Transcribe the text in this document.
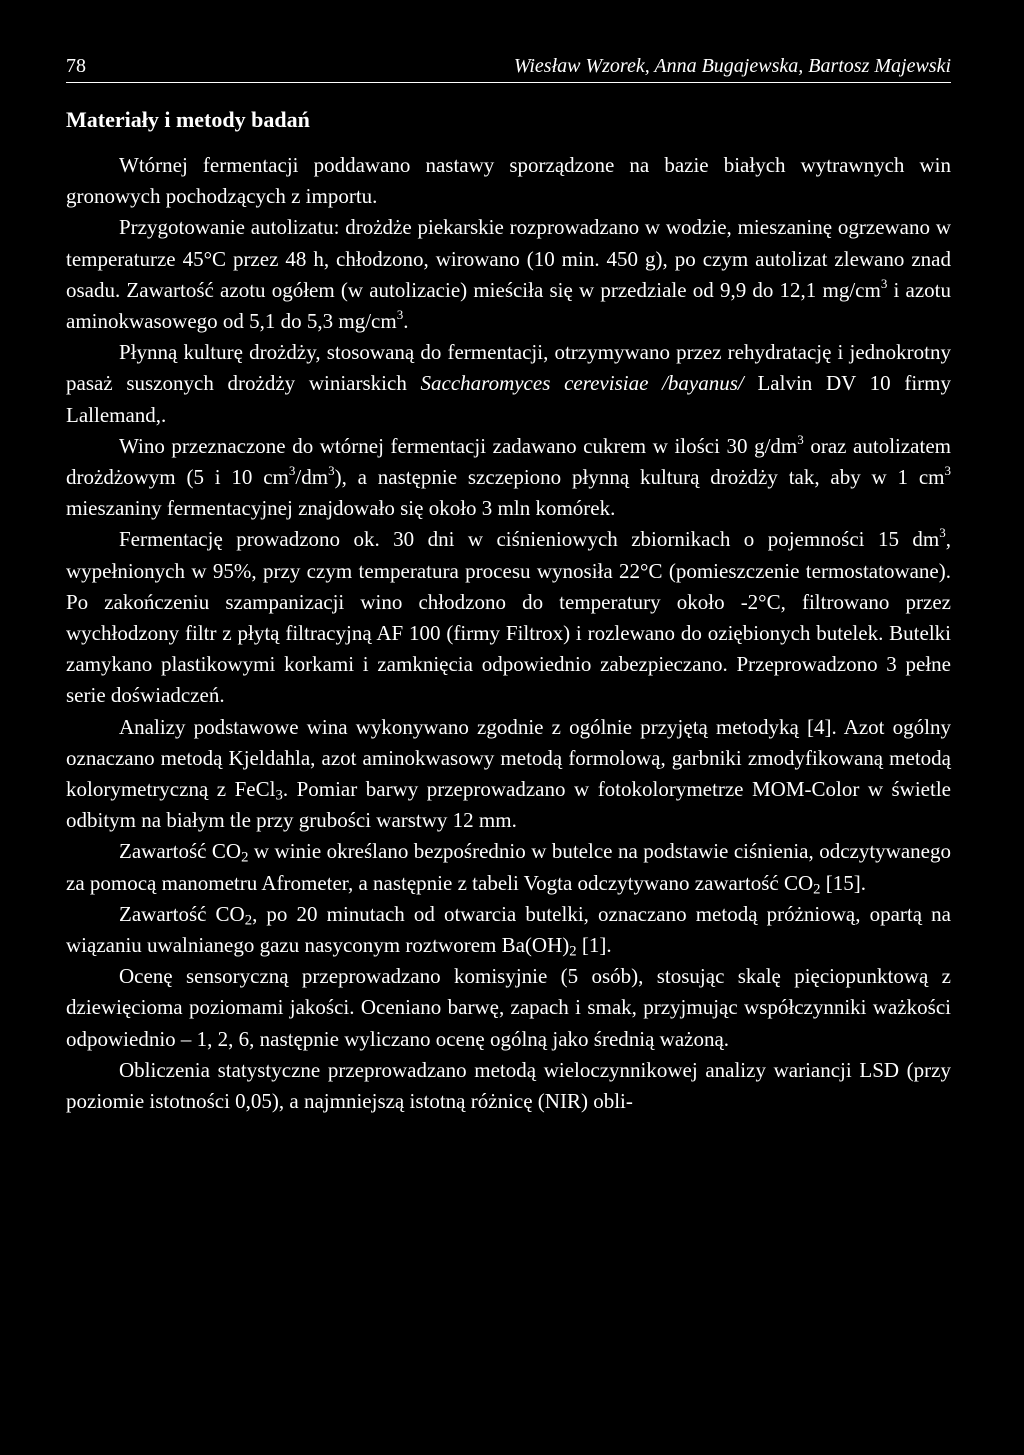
78	Wiesław Wzorek, Anna Bugajewska, Bartosz Majewski
Materiały i metody badań

Wtórnej fermentacji poddawano nastawy sporządzone na bazie białych wytrawnych win gronowych pochodzących z importu.

Przygotowanie autolizatu: drożdże piekarskie rozprowadzano w wodzie, mieszaninę ogrzewano w temperaturze 45°C przez 48 h, chłodzono, wirowano (10 min. 450 g), po czym autolizat zlewano znad osadu. Zawartość azotu ogółem (w autolizacie) mieściła się w przedziale od 9,9 do 12,1 $mg/cm^3$ i azotu aminokwasowego od 5,1 do 5,3 $mg/cm^3$.

Płynną kulturę drożdży, stosowaną do fermentacji, otrzymywano przez rehydratację i jednokrotny pasaż suszonych drożdży winiarskich Saccharomyces cerevisiae /bayanus/ Lalvin DV 10 firmy Lallemand,.

Wino przeznaczone do wtórnej fermentacji zadawano cukrem w ilości 30 $g/dm^3$ oraz autolizatem drożdżowym (5 i 10 $cm^3/dm^3$), a następnie szczepiono płynną kulturą drożdży tak, aby w 1 $cm^3$ mieszaniny fermentacyjnej znajdowało się około 3 mln komórek.

Fermentację prowadzono ok. 30 dni w ciśnieniowych zbiornikach o pojemności 15 $dm^3$, wypełnionych w 95%, przy czym temperatura procesu wynosiła 22°C (pomieszczenie termostatowane). Po zakończeniu szampanizacji wino chłodzono do temperatury około -2°C, filtrowano przez wychłodzony filtr z płytą filtracyjną AF 100 (firmy Filtrox) i rozlewano do oziębionych butelek. Butelki zamykano plastikowymi korkami i zamknięcia odpowiednio zabezpieczano. Przeprowadzono 3 pełne serie doświadczeń.

Analizy podstawowe wina wykonywano zgodnie z ogólnie przyjętą metodyką [4]. Azot ogólny oznaczano metodą Kjeldahla, azot aminokwasowy metodą formolową, garbniki zmodyfikowaną metodą kolorymetryczną z FeCl$_3$. Pomiar barwy przeprowadzano w fotokolorymetrze MOM-Color w świetle odbitym na białym tle przy grubości warstwy 12 mm.

Zawartość $CO_2$ w winie określano bezpośrednio w butelce na podstawie ciśnienia, odczytywanego za pomocą manometru Afrometer, a następnie z tabeli Vogta odczytywano zawartość $CO_2$ [15].

Zawartość $CO_2$, po 20 minutach od otwarcia butelki, oznaczano metodą próżniową, opartą na wiązaniu uwalnianego gazu nasyconym roztworem $Ba(OH)_2$ [1].

Ocenę sensoryczną przeprowadzano komisyjnie (5 osób), stosując skalę pięciopunktową z dziewięcioma poziomami jakości. Oceniano barwę, zapach i smak, przyjmując współczynniki ważkości odpowiednio – 1, 2, 6, następnie wyliczano ocenę ogólną jako średnią ważoną.

Obliczenia statystyczne przeprowadzano metodą wieloczynnikowej analizy wariancji LSD (przy poziomie istotności 0,05), a najmniejszą istotną różnicę (NIR) obli-
